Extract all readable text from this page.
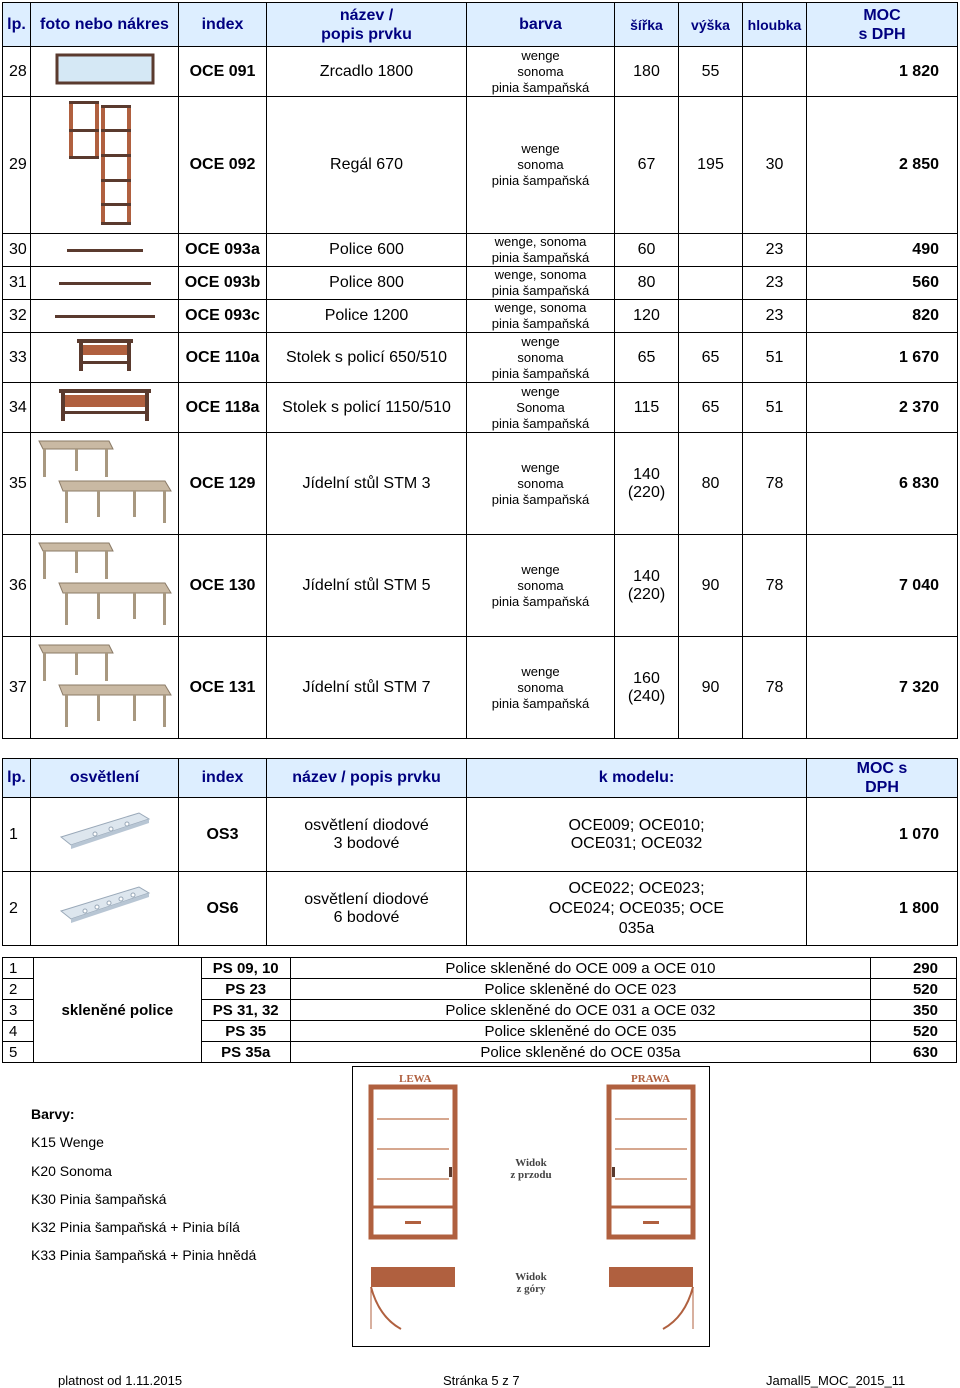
lp.	foto nebo nákres	index	název /
popis prvku	barva	šířka	výška	hloubka	MOC
s DPH
28		OCE 091	Zrcadlo 1800	wenge
sonoma
pinia šampaňská	180	55		1 820
29		OCE 092	Regál 670	wenge
sonoma
pinia šampaňská	67	195	30	2 850
30		OCE 093a	Police 600	wenge, sonoma
pinia šampaňská	60		23	490
31		OCE 093b	Police 800	wenge, sonoma
pinia šampaňská	80		23	560
32		OCE 093c	Police 1200	wenge, sonoma
pinia šampaňská	120		23	820
33		OCE 110a	Stolek s policí 650/510	wenge
sonoma
pinia šampaňská	65	65	51	1 670
34		OCE 118a	Stolek s policí 1150/510	wenge
Sonoma
pinia šampaňská	115	65	51	2 370
35		OCE 129	Jídelní stůl STM 3	wenge
sonoma
pinia šampaňská	140
(220)	80	78	6 830
36		OCE 130	Jídelní stůl STM 5	wenge
sonoma
pinia šampaňská	140
(220)	90	78	7 040
37		OCE 131	Jídelní stůl STM 7	wenge
sonoma
pinia šampaňská	160
(240)	90	78	7 320
lp.	osvětlení	index	název / popis prvku	k modelu:	MOC s
DPH
1		OS3	osvětlení diodové
3 bodové	OCE009; OCE010;
OCE031; OCE032	1 070
2		OS6	osvětlení diodové
6 bodové	OCE022; OCE023;
OCE024; OCE035; OCE
035a	1 800
1	skleněné police	PS 09, 10	Police skleněné do OCE 009 a OCE 010	290
2		PS 23	Police skleněné do OCE 023	520
3		PS 31, 32	Police skleněné do OCE 031 a OCE 032	350
4		PS 35	Police skleněné do OCE 035	520
5		PS 35a	Police skleněné do OCE 035a	630
Barvy:
K15 Wenge
K20 Sonoma
K30 Pinia šampaňská
K32 Pinia šampaňská + Pinia bílá
K33 Pinia šampaňská + Pinia hnědá
LEWA	PRAWA
Widok
z przodu
Widok
z góry
platnost od 1.11.2015	Stránka 5 z 7	Jamall5_MOC_2015_11
